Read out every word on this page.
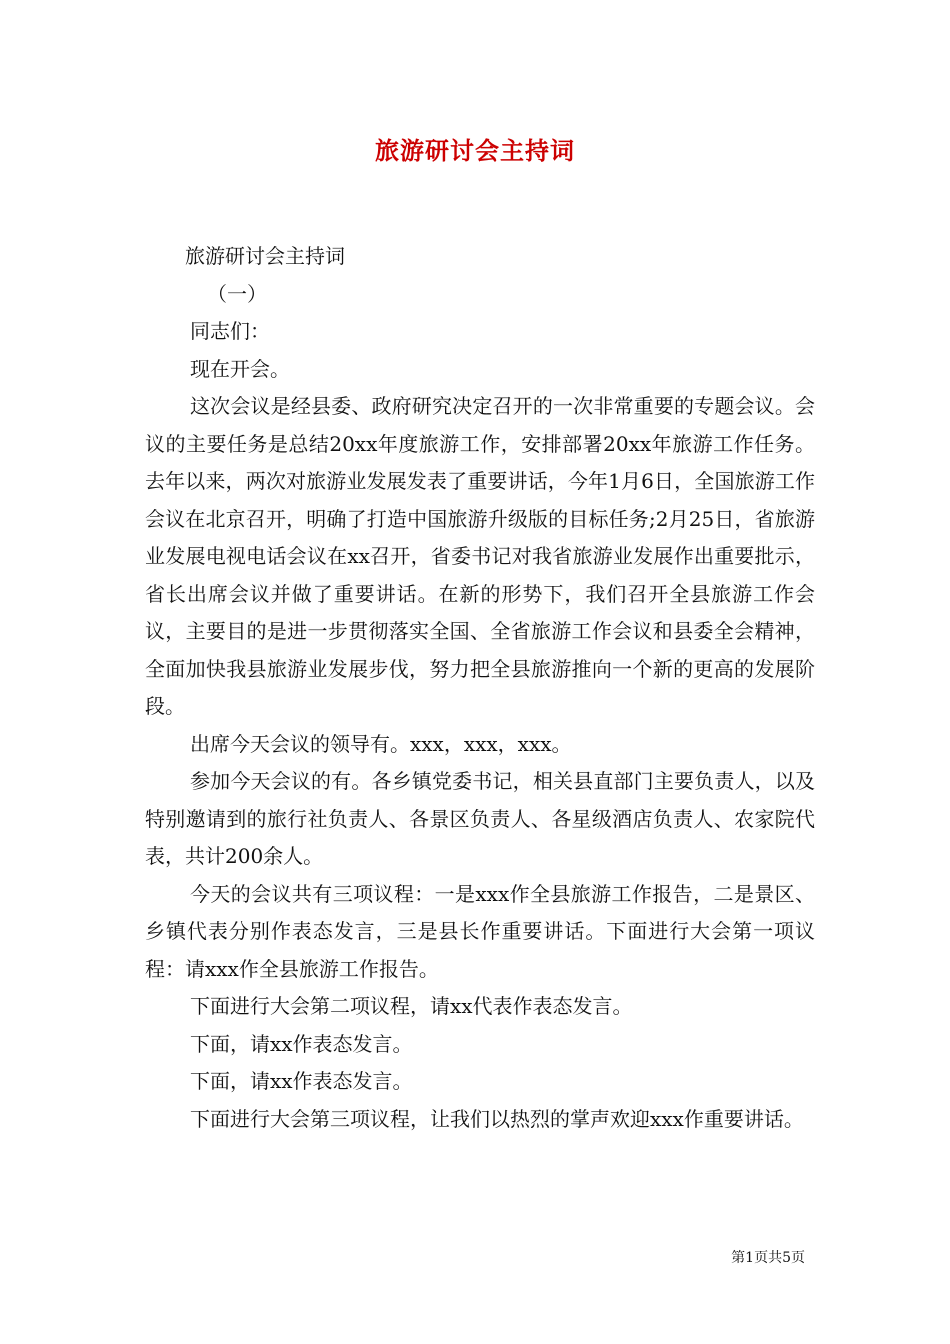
旅游研讨会主持词

旅游研讨会主持词

（一）

同志们：

现在开会。

这次会议是经县委、政府研究决定召开的一次非常重要的专题会议。会议的主要任务是总结20xx年度旅游工作，安排部署20xx年旅游工作任务。去年以来，两次对旅游业发展发表了重要讲话，今年1月6日，全国旅游工作会议在北京召开，明确了打造中国旅游升级版的目标任务;2月25日，省旅游业发展电视电话会议在xx召开，省委书记对我省旅游业发展作出重要批示，省长出席会议并做了重要讲话。在新的形势下，我们召开全县旅游工作会议，主要目的是进一步贯彻落实全国、全省旅游工作会议和县委全会精神，全面加快我县旅游业发展步伐，努力把全县旅游推向一个新的更高的发展阶段。

出席今天会议的领导有。xxx，xxx，xxx。

参加今天会议的有。各乡镇党委书记，相关县直部门主要负责人，以及特别邀请到的旅行社负责人、各景区负责人、各星级酒店负责人、农家院代表，共计200余人。

今天的会议共有三项议程：一是xxx作全县旅游工作报告，二是景区、乡镇代表分别作表态发言，三是县长作重要讲话。下面进行大会第一项议程：请xxx作全县旅游工作报告。

下面进行大会第二项议程，请xx代表作表态发言。

下面，请xx作表态发言。

下面，请xx作表态发言。

下面进行大会第三项议程，让我们以热烈的掌声欢迎xxx作重要讲话。

第1页共5页
